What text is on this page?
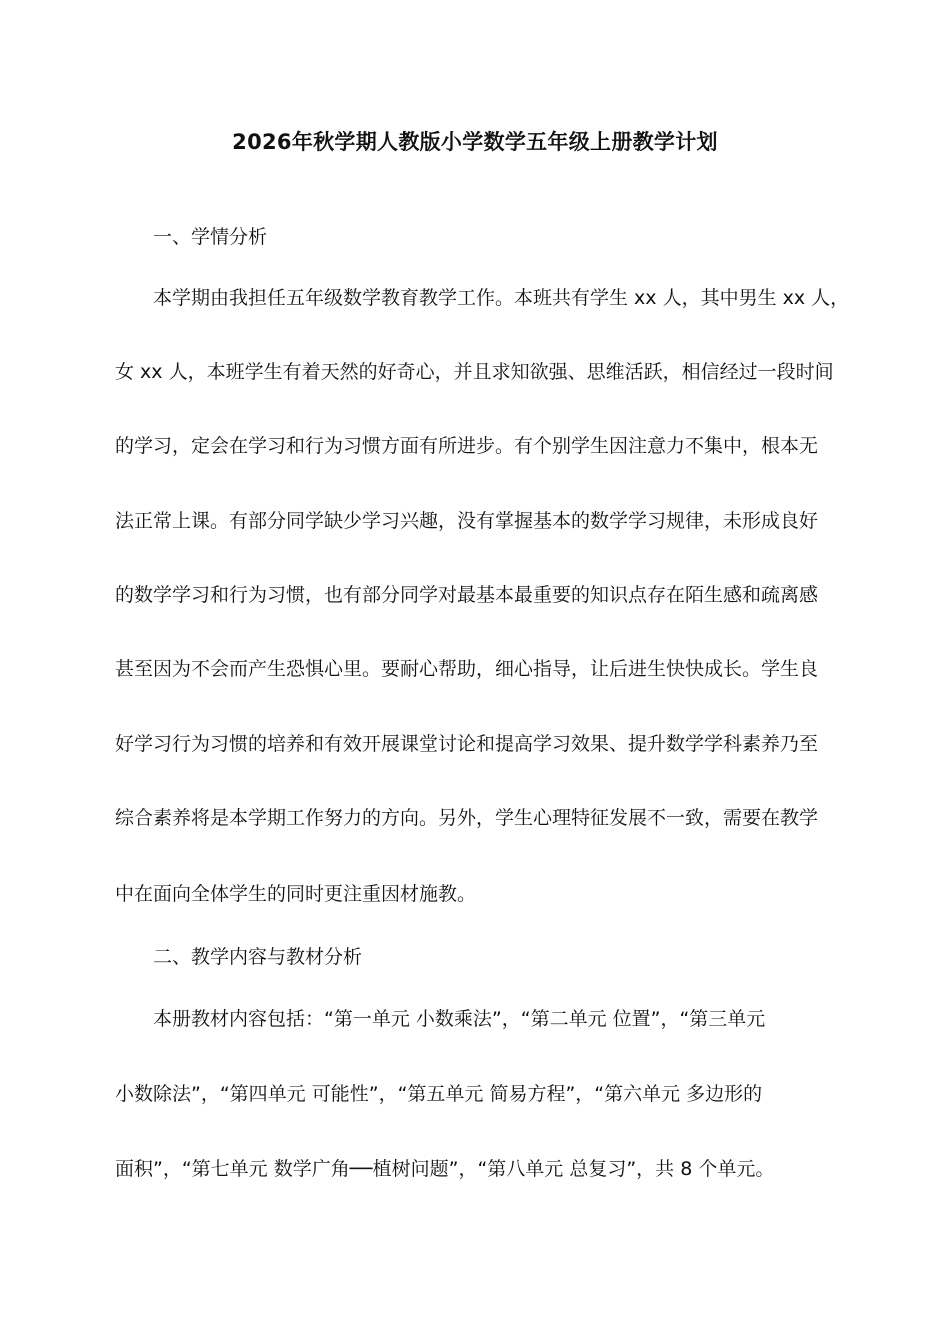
2026年秋学期人教版小学数学五年级上册教学计划
一、学情分析
本学期由我担任五年级数学教育教学工作。本班共有学生 xx 人，其中男生 xx 人，
女 xx 人，本班学生有着天然的好奇心，并且求知欲强、思维活跃，相信经过一段时间
的学习，定会在学习和行为习惯方面有所进步。有个别学生因注意力不集中，根本无
法正常上课。有部分同学缺少学习兴趣，没有掌握基本的数学学习规律，未形成良好
的数学学习和行为习惯，也有部分同学对最基本最重要的知识点存在陌生感和疏离感
甚至因为不会而产生恐惧心里。要耐心帮助，细心指导，让后进生快快成长。学生良
好学习行为习惯的培养和有效开展课堂讨论和提高学习效果、提升数学学科素养乃至
综合素养将是本学期工作努力的方向。另外，学生心理特征发展不一致，需要在教学
中在面向全体学生的同时更注重因材施教。
二、教学内容与教材分析
本册教材内容包括：“第一单元 小数乘法”，“第二单元 位置”，“第三单元
小数除法”，“第四单元 可能性”，“第五单元 简易方程”，“第六单元 多边形的
面积”，“第七单元 数学广角──植树问题”，“第八单元 总复习”，共 8 个单元。
